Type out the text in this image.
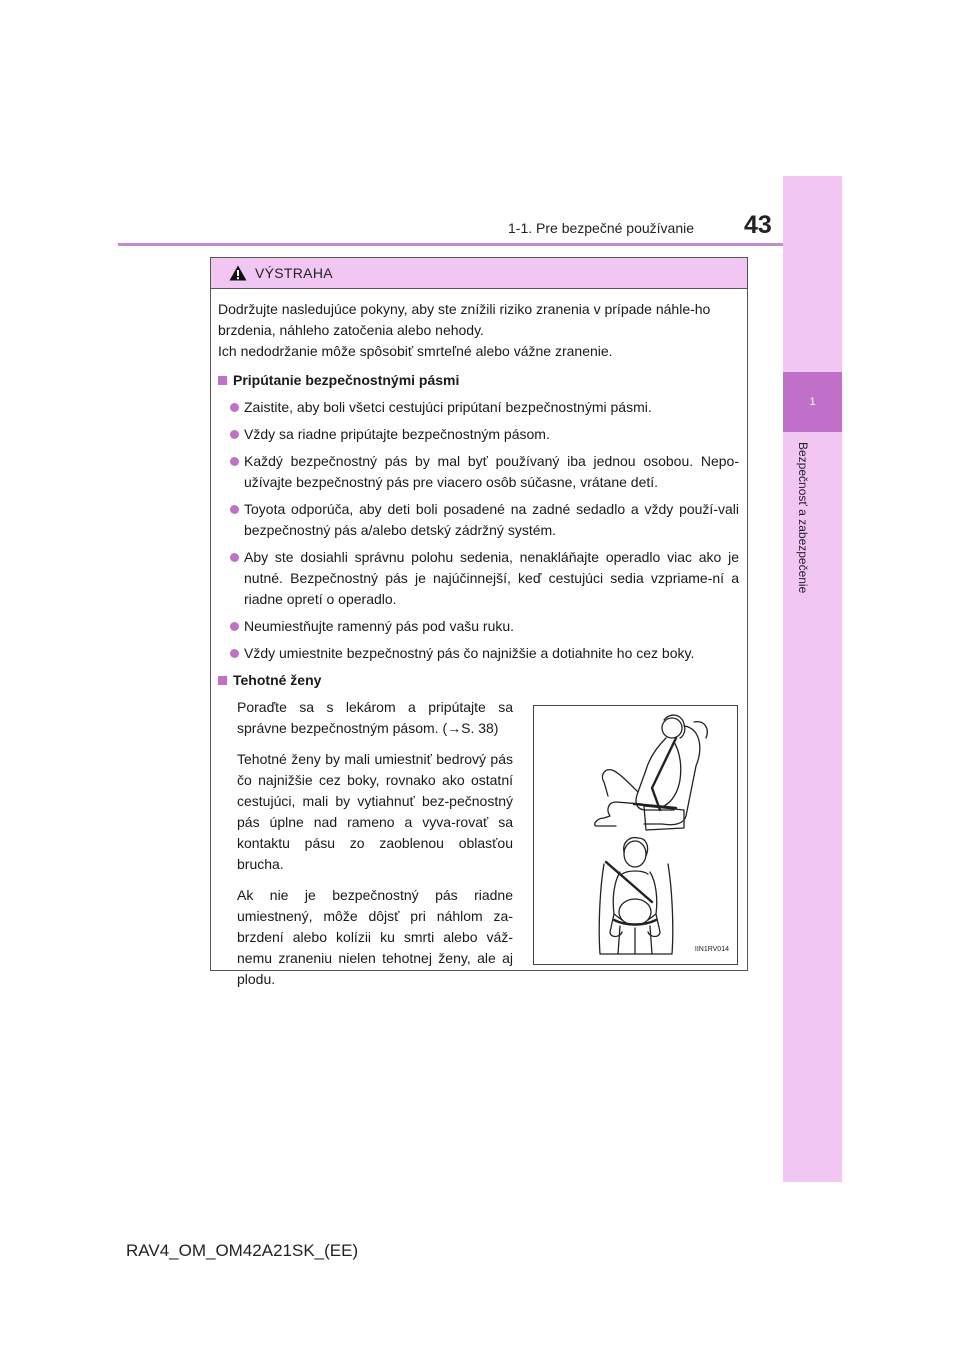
1
Bezpečnosť a zabezpečenie
1-1. Pre bezpečné používanie 43
VÝSTRAHA

Dodržujte nasledujúce pokyny, aby ste znížili riziko zranenia v prípade náhle-ho brzdenia, náhleho zatočenia alebo nehody.
Ich nedodržanie môže spôsobiť smrteľné alebo vážne zranenie.

Pripútanie bezpečnostnými pásmi
Zaistite, aby boli všetci cestujúci pripútaní bezpečnostnými pásmi.
Vždy sa riadne pripútajte bezpečnostným pásom.
Každý bezpečnostný pás by mal byť používaný iba jednou osobou. Nepo-užívajte bezpečnostný pás pre viacero osôb súčasne, vrátane detí.
Toyota odporúča, aby deti boli posadené na zadné sedadlo a vždy použí-vali bezpečnostný pás a/alebo detský zádržný systém.
Aby ste dosiahli správnu polohu sedenia, nenakláňajte operadlo viac ako je nutné. Bezpečnostný pás je najúčinnejší, keď cestujúci sedia vzpriame-ní a riadne opretí o operadlo.
Neumiestňujte ramenný pás pod vašu ruku.
Vždy umiestnite bezpečnostný pás čo najnižšie a dotiahnite ho cez boky.
Tehotné ženy

Poraďte sa s lekárom a pripútajte sa správne bezpečnostným pásom. (→S. 38)

Tehotné ženy by mali umiestniť bedrový pás čo najnižšie cez boky, rovnako ako ostatní cestujúci, mali by vytiahnuť bez-pečnostný pás úplne nad rameno a vyva-rovať sa kontaktu pásu zo zaoblenou oblasťou brucha.

Ak nie je bezpečnostný pás riadne umiestnený, môže dôjsť pri náhlom za-brzdení alebo kolízii ku smrti alebo váž-nemu zraneniu nielen tehotnej ženy, ale aj plodu.

IIN1RV014
RAV4_OM_OM42A21SK_(EE)
